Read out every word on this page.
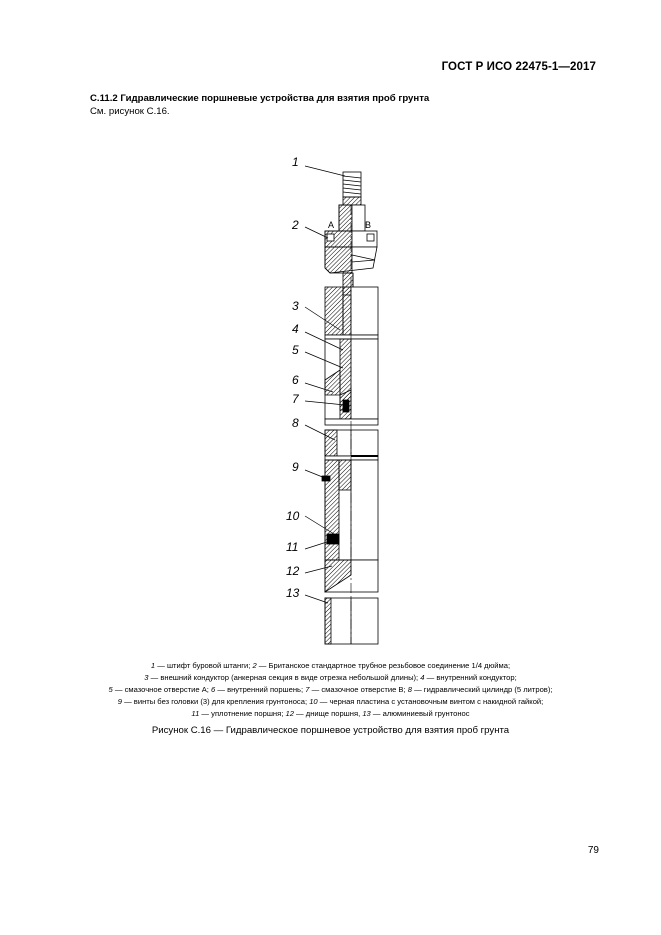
ГОСТ Р ИСО 22475-1—2017
С.11.2 Гидравлические поршневые устройства для взятия проб грунта
См. рисунок С.16.
1
2
3
4
5
6
7
8
9
10
11
12
13
A	B
1 — штифт буровой штанги; 2 — Британское стандартное трубное резьбовое соединение 1/4 дюйма;
3 — внешний кондуктор (анкерная секция в виде отрезка небольшой длины); 4 — внутренний кондуктор;
5 — смазочное отверстие А; 6 — внутренний поршень; 7 — смазочное отверстие В; 8 — гидравлический цилиндр (5 литров);
9 — винты без головки (3) для крепления грунтоноса; 10 — черная пластина с установочным винтом с накидной гайкой;
11 — уплотнение поршня; 12 — днище поршня, 13 — алюминиевый грунтонос
Рисунок С.16 — Гидравлическое поршневое устройство для взятия проб грунта
79
